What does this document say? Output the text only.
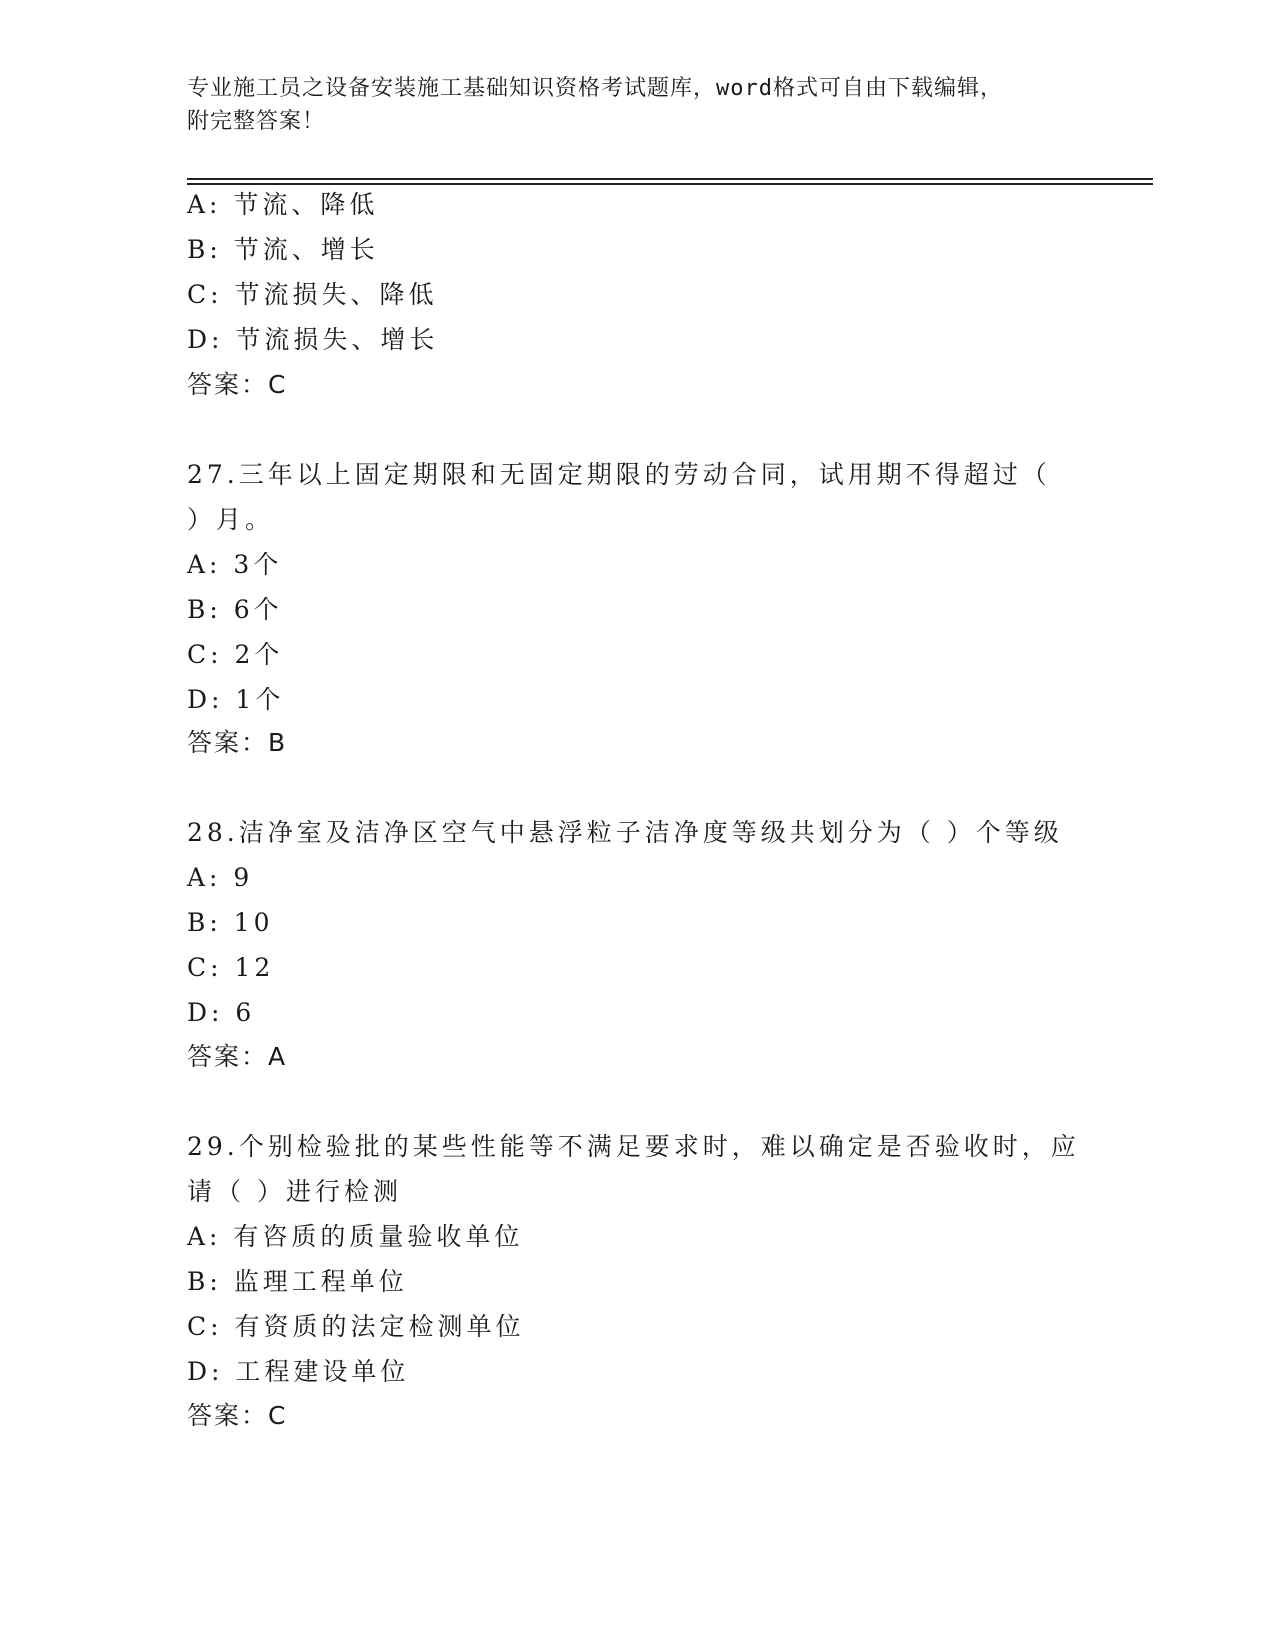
专业施工员之设备安装施工基础知识资格考试题库，word格式可自由下载编辑，
附完整答案！
A: 节流、降低
B: 节流、增长
C: 节流损失、降低
D: 节流损失、增长
答案：C
27.三年以上固定期限和无固定期限的劳动合同，试用期不得超过（
）月。
A: 3个
B: 6个
C: 2个
D: 1个
答案：B
28.洁净室及洁净区空气中悬浮粒子洁净度等级共划分为（ ）个等级
A: 9
B: 10
C: 12
D: 6
答案：A
29.个别检验批的某些性能等不满足要求时，难以确定是否验收时，应
请（ ）进行检测
A: 有咨质的质量验收单位
B: 监理工程单位
C: 有资质的法定检测单位
D: 工程建设单位
答案：C
